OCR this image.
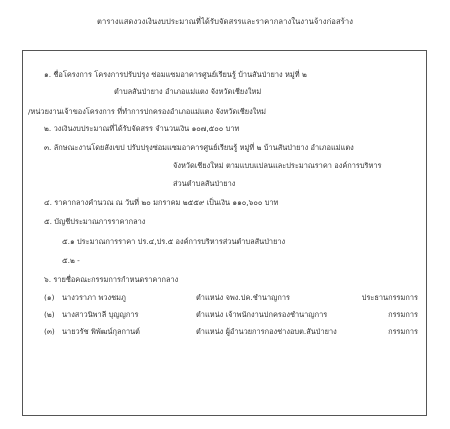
ตารางแสดงวงเงินงบประมาณที่ได้รับจัดสรรและราคากลางในงานจ้างก่อสร้าง
๑. ชื่อโครงการ โครงการปรับปรุง ซ่อมแซมอาคารศูนย์เรียนรู้ บ้านสันป่ายาง หมู่ที่ ๒
ตำบลสันป่ายาง อำเภอแม่แตง จังหวัดเชียงใหม่
/หน่วยงานเจ้าของโครงการ ที่ทำการปกครองอำเภอแม่แตง จังหวัดเชียงใหม่
๒. วงเงินงบประมาณที่ได้รับจัดสรร จำนวนเงิน ๑๐๗,๕๐๐ บาท
๓. ลักษณะงานโดยสังเขป ปรับปรุงซ่อมแซมอาคารศูนย์เรียนรู้ หมู่ที่ ๒ บ้านสันป่ายาง อำเภอแม่แตง
จังหวัดเชียงใหม่ ตามแบบแปลนและประมาณราคา องค์การบริหาร
ส่วนตำบลสันป่ายาง
๔. ราคากลางคำนวณ ณ วันที่ ๒๐ มกราคม ๒๕๕๙ เป็นเงิน ๑๑๐,๖๐๐ บาท
๕. บัญชีประมาณการราคากลาง
๕.๑ ประมาณการราคา ปร.๔,ปร.๕ องค์การบริหารส่วนตำบลสันป่ายาง
๕.๒ -
๖. รายชื่อคณะกรรมการกำหนดราคากลาง
(๑)	นางวราภา พวงชมภู	ตำแหน่ง จพง.ปค.ชำนาญการ	ประธานกรรมการ
(๒) นางสาวนิพาลี บุญญการ	ตำแหน่ง เจ้าพนักงานปกครองชำนาญการ	กรรมการ
(๓) นายวรัช พิพัฒน์กุลกานต์	ตำแหน่ง ผู้อำนวยการกองช่างอบต.สันป่ายาง	กรรมการ
